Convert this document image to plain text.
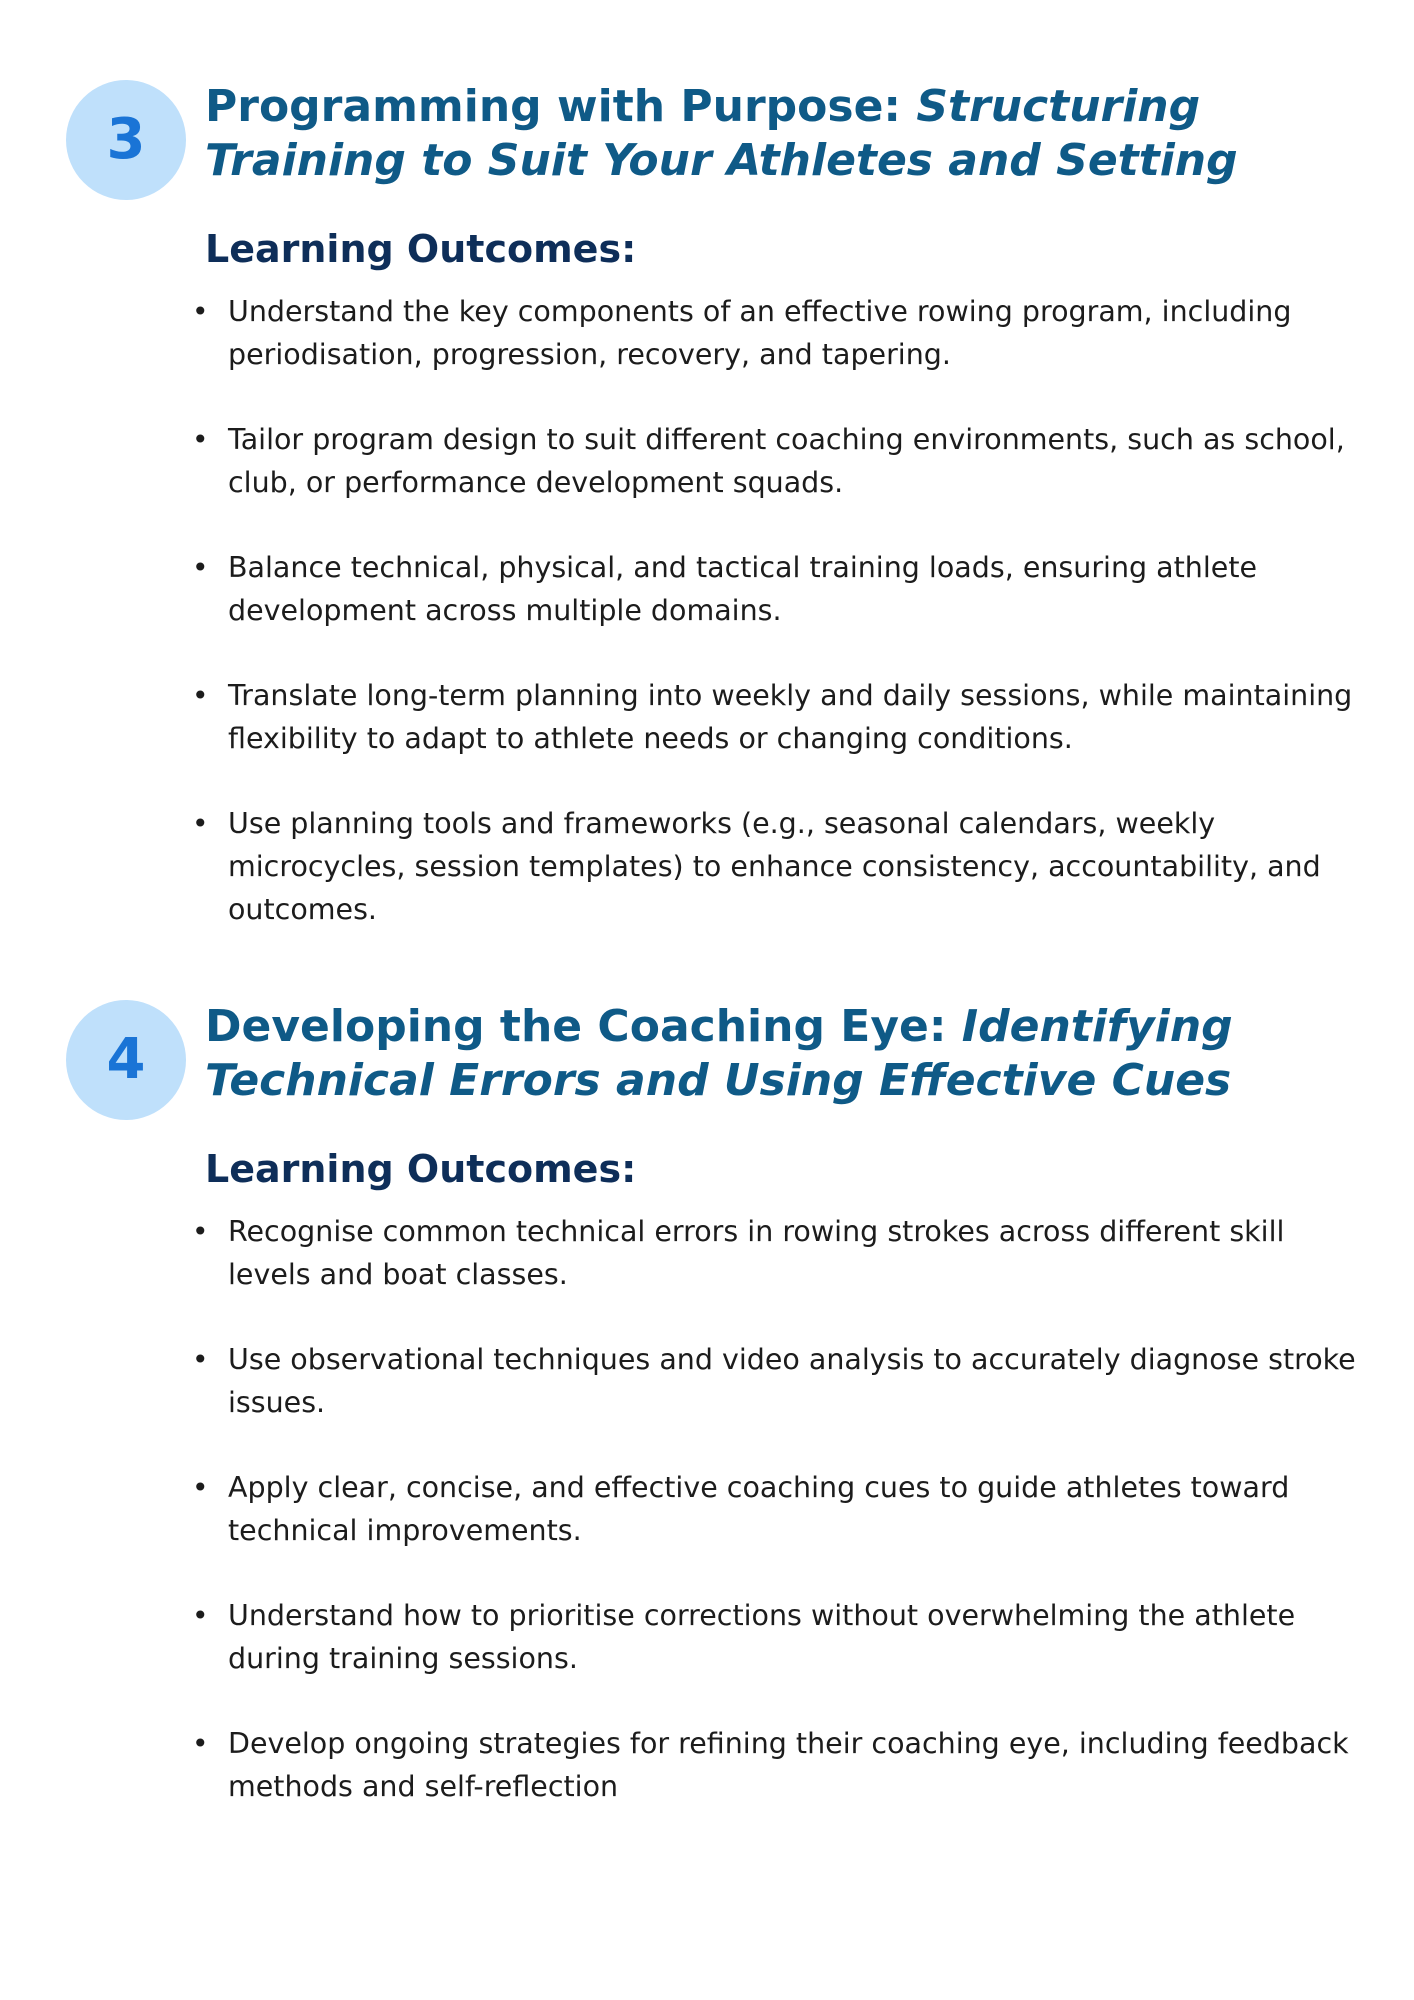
3
Programming with Purpose: Structuring Training to Suit Your Athletes and Setting
Learning Outcomes:
• Understand the key components of an effective rowing program, including periodisation, progression, recovery, and tapering.
• Tailor program design to suit different coaching environments, such as school, club, or performance development squads.
• Balance technical, physical, and tactical training loads, ensuring athlete development across multiple domains.
• Translate long-term planning into weekly and daily sessions, while maintaining flexibility to adapt to athlete needs or changing conditions.
• Use planning tools and frameworks (e.g., seasonal calendars, weekly microcycles, session templates) to enhance consistency, accountability, and outcomes.
4
Developing the Coaching Eye: Identifying Technical Errors and Using Effective Cues
Learning Outcomes:
• Recognise common technical errors in rowing strokes across different skill levels and boat classes.
• Use observational techniques and video analysis to accurately diagnose stroke issues.
• Apply clear, concise, and effective coaching cues to guide athletes toward technical improvements.
• Understand how to prioritise corrections without overwhelming the athlete during training sessions.
• Develop ongoing strategies for refining their coaching eye, including feedback methods and self-reflection
